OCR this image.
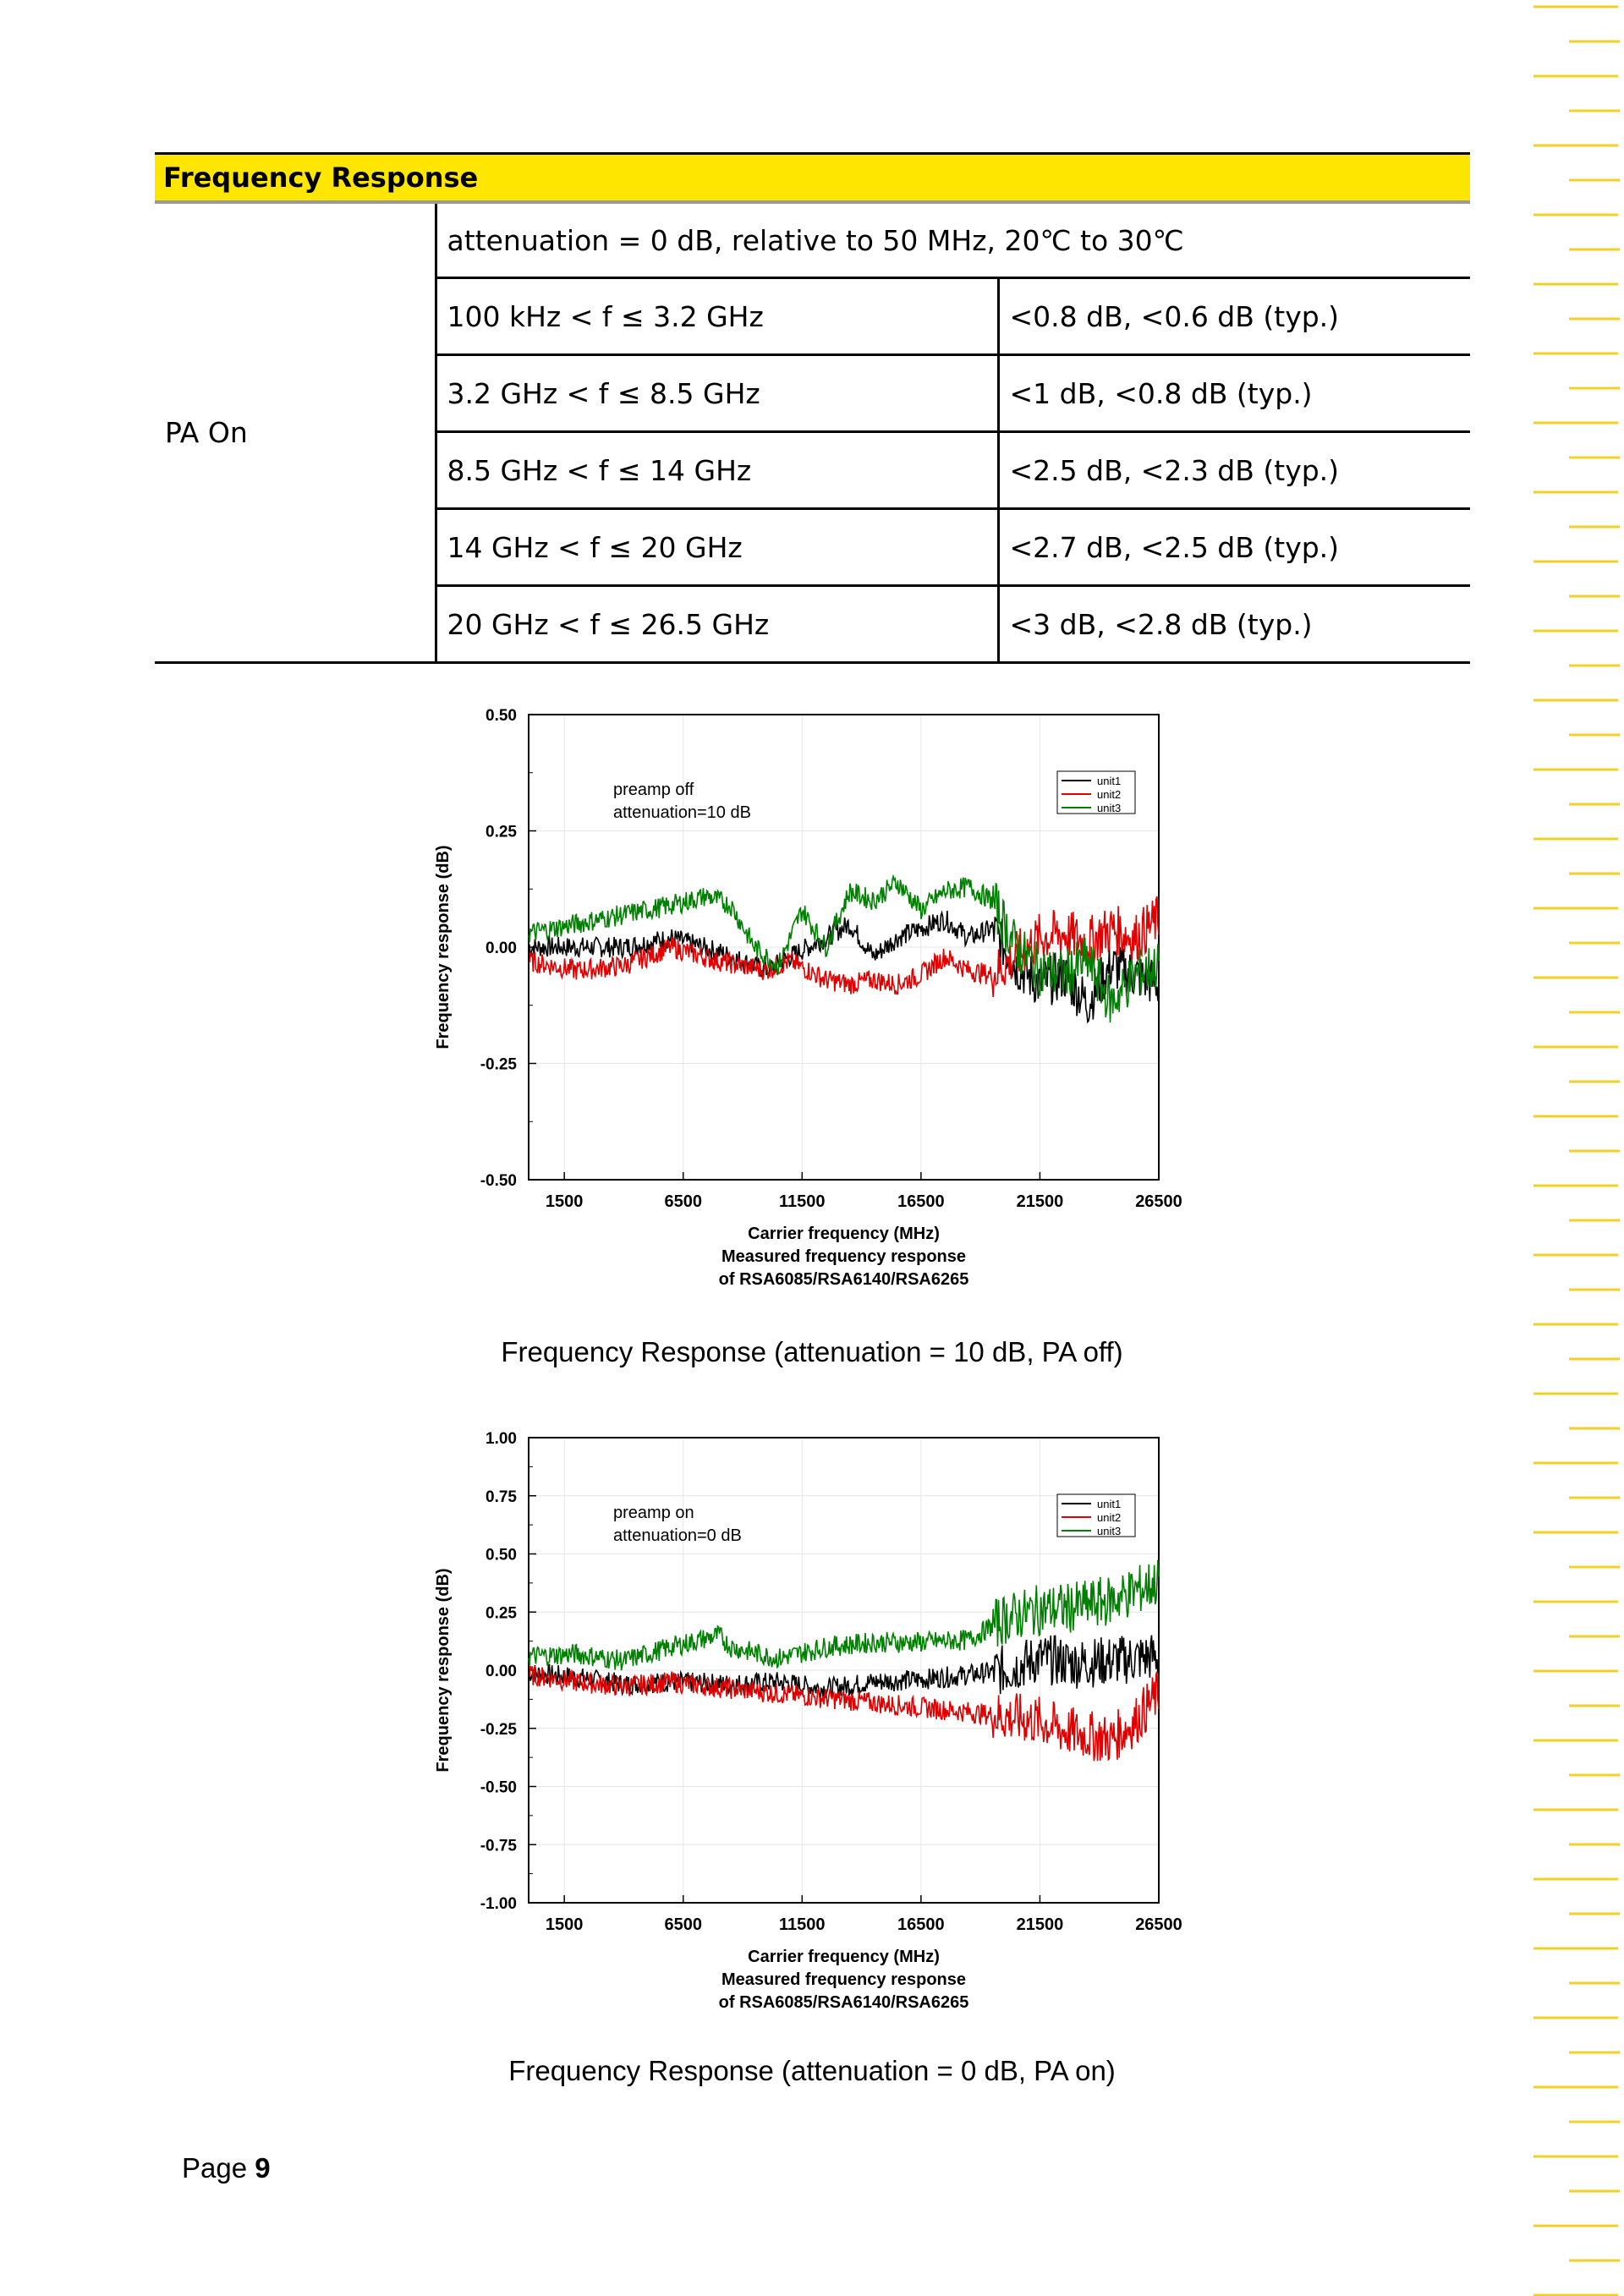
Frequency Response		
PA On	attenuation = 0 dB, relative to 50 MHz, 20℃ to 30℃	
	100 kHz < f ≤ 3.2 GHz	<0.8 dB, <0.6 dB (typ.)
	3.2 GHz < f ≤ 8.5 GHz	<1 dB, <0.8 dB (typ.)
	8.5 GHz < f ≤ 14 GHz	<2.5 dB, <2.3 dB (typ.)
	14 GHz < f ≤ 20 GHz	<2.7 dB, <2.5 dB (typ.)
	20 GHz < f ≤ 26.5 GHz	<3 dB, <2.8 dB (typ.)
1500	6500	11500	16500	21500	26500
-0.50
-0.25
0.00
0.25
0.50
preamp off
attenuation=10 dB
unit1
unit2
unit3
Frequency response (dB)
Carrier frequency (MHz)
Measured frequency response
of RSA6085/RSA6140/RSA6265
Frequency Response (attenuation = 10 dB, PA off)
1500	6500	11500	16500	21500	26500
-1.00
-0.75
-0.50
-0.25
0.00
0.25
0.50
0.75
1.00
preamp on
attenuation=0 dB
unit1
unit2
unit3
Frequency response (dB)
Carrier frequency (MHz)
Measured frequency response
of RSA6085/RSA6140/RSA6265
Frequency Response (attenuation = 0 dB, PA on)
Page 9
